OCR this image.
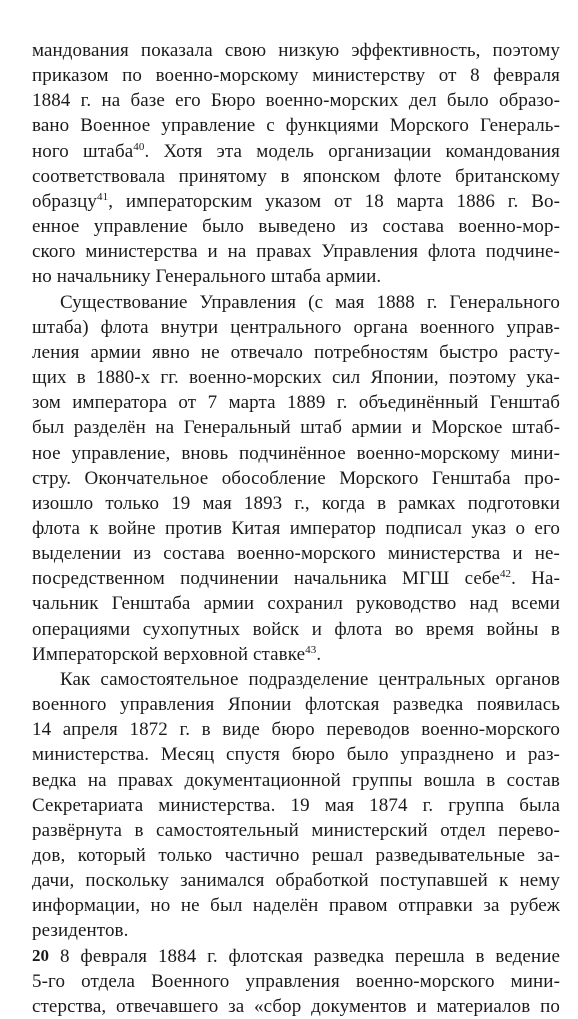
мандования показала свою низкую эффективность, поэтому
приказом по военно-морскому министерству от 8 февраля
1884 г. на базе его Бюро военно-морских дел было образо-
вано Военное управление с функциями Морского Генераль-
ного штаба$^{40}$. Хотя эта модель организации командования
соответствовала принятому в японском флоте британскому
образцу$^{41}$, императорским указом от 18 марта 1886 г. Во-
енное управление было выведено из состава военно-мор-
ского министерства и на правах Управления флота подчине-
но начальнику Генерального штаба армии.
Существование Управления (с мая 1888 г. Генерального
штаба) флота внутри центрального органа военного управ-
ления армии явно не отвечало потребностям быстро расту-
щих в 1880-х гг. военно-морских сил Японии, поэтому ука-
зом императора от 7 марта 1889 г. объединённый Генштаб
был разделён на Генеральный штаб армии и Морское штаб-
ное управление, вновь подчинённое военно-морскому мини-
стру. Окончательное обособление Морского Генштаба про-
изошло только 19 мая 1893 г., когда в рамках подготовки
флота к войне против Китая император подписал указ о его
выделении из состава военно-морского министерства и не-
посредственном подчинении начальника МГШ себе$^{42}$. На-
чальник Генштаба армии сохранил руководство над всеми
операциями сухопутных войск и флота во время войны в
Императорской верховной ставке$^{43}$.
Как самостоятельное подразделение центральных органов
военного управления Японии флотская разведка появилась
14 апреля 1872 г. в виде бюро переводов военно-морского
министерства. Месяц спустя бюро было упразднено и раз-
ведка на правах документационной группы вошла в состав
Секретариата министерства. 19 мая 1874 г. группа была
развёрнута в самостоятельный министерский отдел перево-
дов, который только частично решал разведывательные за-
дачи, поскольку занимался обработкой поступавшей к нему
информации, но не был наделён правом отправки за рубеж
резидентов.
8 февраля 1884 г. флотская разведка перешла в ведение
5-го отдела Военного управления военно-морского мини-
стерства, отвечавшего за «сбор документов и материалов по
20
